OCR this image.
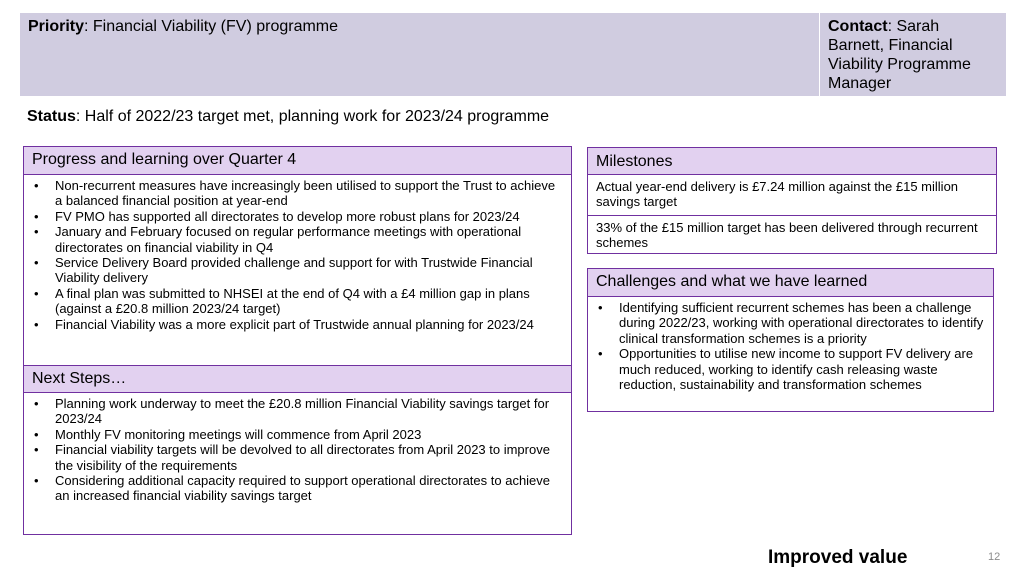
Priority: Financial Viability (FV) programme	Contact: Sarah Barnett, Financial Viability Programme Manager
Status: Half of 2022/23 target met, planning work for 2023/24 programme
Progress and learning over Quarter 4
• Non-recurrent measures have increasingly been utilised to support the Trust to achieve a balanced financial position at year-end
• FV PMO has supported all directorates to develop more robust plans for 2023/24
• January and February focused on regular performance meetings with operational directorates on financial viability in Q4
• Service Delivery Board provided challenge and support for with Trustwide Financial Viability delivery
• A final plan was submitted to NHSEI at the end of Q4 with a £4 million gap in plans (against a £20.8 million 2023/24 target)
• Financial Viability was a more explicit part of Trustwide annual planning for 2023/24
Next Steps…
• Planning work underway to meet the £20.8 million Financial Viability savings target for 2023/24
• Monthly FV monitoring meetings will commence from April 2023
• Financial viability targets will be devolved to all directorates from April 2023 to improve the visibility of the requirements
• Considering additional capacity required to support operational directorates to achieve an increased financial viability savings target
Milestones
Actual year-end delivery is £7.24 million against the £15 million savings target
33% of the £15 million target has been delivered through recurrent schemes
Challenges and what we have learned
• Identifying sufficient recurrent schemes has been a challenge during 2022/23, working with operational directorates to identify clinical transformation schemes is a priority
• Opportunities to utilise new income to support FV delivery are much reduced, working to identify cash releasing waste reduction, sustainability and transformation schemes
Improved value	12
